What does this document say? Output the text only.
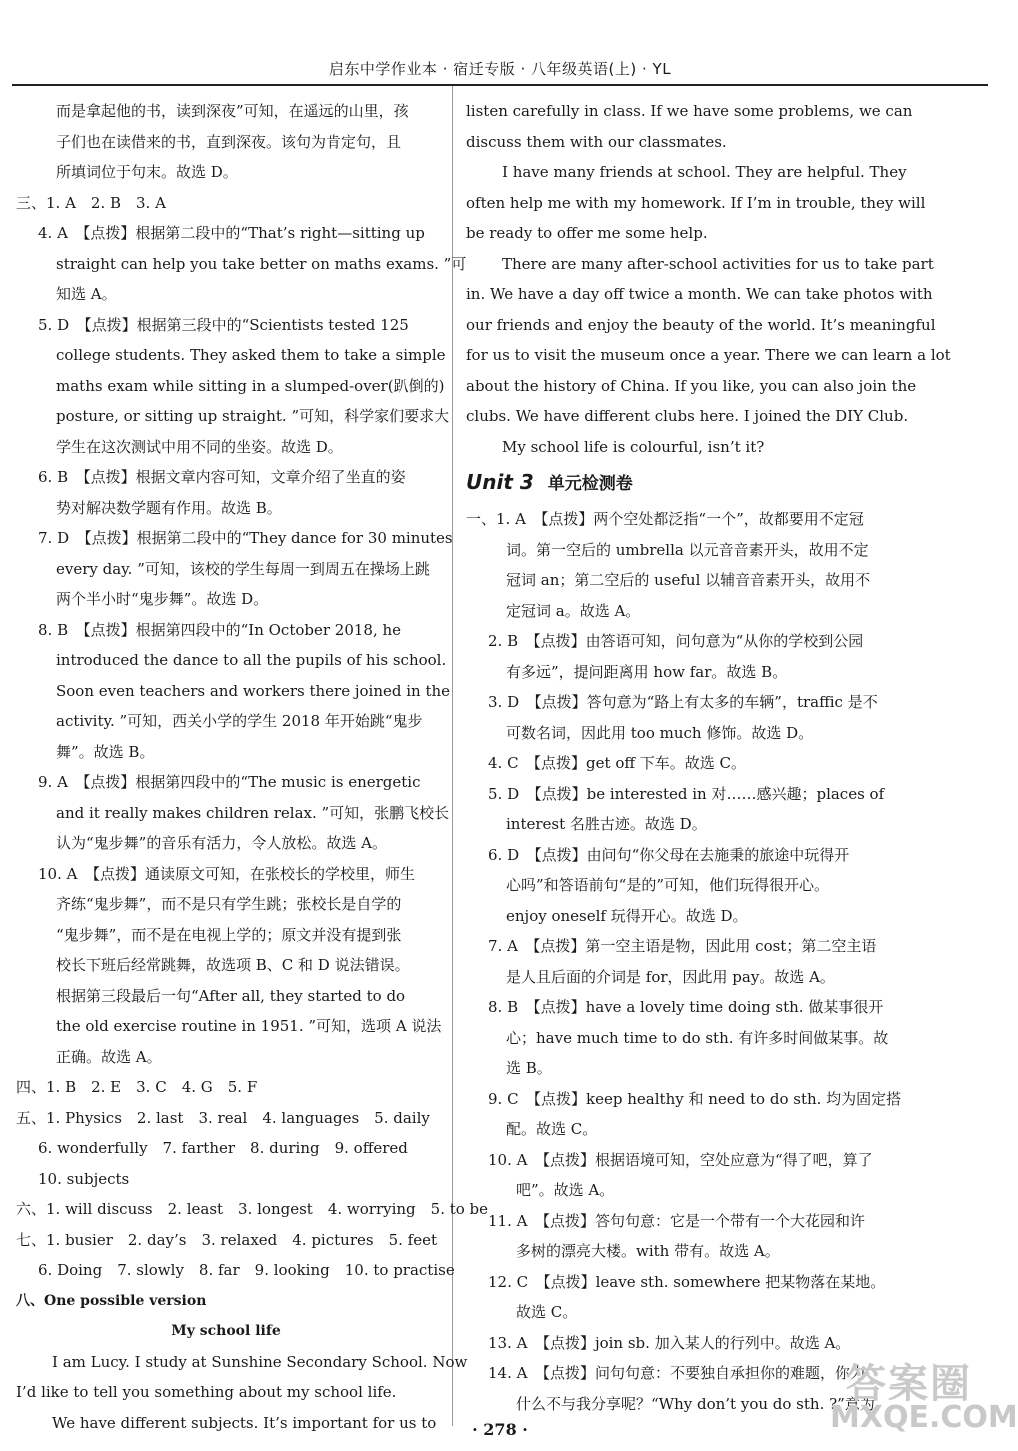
启东中学作业本 · 宿迁专版 · 八年级英语(上) · YL
而是拿起他的书，读到深夜”可知，在遥远的山里，孩
子们也在读借来的书，直到深夜。该句为肯定句，且
所填词位于句末。故选 D。
三、1. A　2. B　3. A
4. A　【点拨】根据第二段中的“That’s right—sitting up
straight can help you take better on maths exams. ”可
知选 A。
5. D　【点拨】根据第三段中的“Scientists tested 125
college students. They asked them to take a simple
maths exam while sitting in a slumped-over(趴倒的)
posture, or sitting up straight. ”可知，科学家们要求大
学生在这次测试中用不同的坐姿。故选 D。
6. B　【点拨】根据文章内容可知，文章介绍了坐直的姿
势对解决数学题有作用。故选 B。
7. D　【点拨】根据第二段中的“They dance for 30 minutes
every day. ”可知，该校的学生每周一到周五在操场上跳
两个半小时“鬼步舞”。故选 D。
8. B　【点拨】根据第四段中的“In October 2018, he
introduced the dance to all the pupils of his school.
Soon even teachers and workers there joined in the
activity. ”可知，西关小学的学生 2018 年开始跳“鬼步
舞”。故选 B。
9. A　【点拨】根据第四段中的“The music is energetic
and it really makes children relax. ”可知，张鹏飞校长
认为“鬼步舞”的音乐有活力，令人放松。故选 A。
10. A　【点拨】通读原文可知，在张校长的学校里，师生
齐练“鬼步舞”，而不是只有学生跳；张校长是自学的
“鬼步舞”，而不是在电视上学的；原文并没有提到张
校长下班后经常跳舞，故选项 B、C 和 D 说法错误。
根据第三段最后一句“After all, they started to do
the old exercise routine in 1951. ”可知，选项 A 说法
正确。故选 A。
四、1. B　2. E　3. C　4. G　5. F
五、1. Physics　2. last　3. real　4. languages　5. daily
6. wonderfully　7. farther　8. during　9. offered
10. subjects
六、1. will discuss　2. least　3. longest　4. worrying　5. to be
七、1. busier　2. day’s　3. relaxed　4. pictures　5. feet
6. Doing　7. slowly　8. far　9. looking　10. to practise
八、One possible version
My school life
I am Lucy. I study at Sunshine Secondary School. Now
I’d like to tell you something about my school life.
We have different subjects. It’s important for us to
listen carefully in class. If we have some problems, we can
discuss them with our classmates.
I have many friends at school. They are helpful. They
often help me with my homework. If I’m in trouble, they will
be ready to offer me some help.
There are many after-school activities for us to take part
in. We have a day off twice a month. We can take photos with
our friends and enjoy the beauty of the world. It’s meaningful
for us to visit the museum once a year. There we can learn a lot
about the history of China. If you like, you can also join the
clubs. We have different clubs here. I joined the DIY Club.
My school life is colourful, isn’t it?
Unit 3 单元检测卷
一、1. A　【点拨】两个空处都泛指“一个”，故都要用不定冠
词。第一空后的 umbrella 以元音音素开头，故用不定
冠词 an；第二空后的 useful 以辅音音素开头，故用不
定冠词 a。故选 A。
2. B　【点拨】由答语可知，问句意为“从你的学校到公园
有多远”，提问距离用 how far。故选 B。
3. D　【点拨】答句意为“路上有太多的车辆”，traffic 是不
可数名词，因此用 too much 修饰。故选 D。
4. C　【点拨】get off 下车。故选 C。
5. D　【点拨】be interested in 对……感兴趣；places of
interest 名胜古迹。故选 D。
6. D　【点拨】由问句“你父母在去施秉的旅途中玩得开
心吗”和答语前句“是的”可知，他们玩得很开心。
enjoy oneself 玩得开心。故选 D。
7. A　【点拨】第一空主语是物，因此用 cost；第二空主语
是人且后面的介词是 for，因此用 pay。故选 A。
8. B　【点拨】have a lovely time doing sth. 做某事很开
心；have much time to do sth. 有许多时间做某事。故
选 B。
9. C　【点拨】keep healthy 和 need to do sth. 均为固定搭
配。故选 C。
10. A　【点拨】根据语境可知，空处应意为“得了吧，算了
吧”。故选 A。
11. A　【点拨】答句句意：它是一个带有一个大花园和许
多树的漂亮大楼。with 带有。故选 A。
12. C　【点拨】leave sth. somewhere 把某物落在某地。
故选 C。
13. A　【点拨】join sb. 加入某人的行列中。故选 A。
14. A　【点拨】问句句意：不要独自承担你的难题，你为
什么不与我分享呢？“Why don’t you do sth. ?”意为
· 278 ·
答案圈
MXQE.COM
